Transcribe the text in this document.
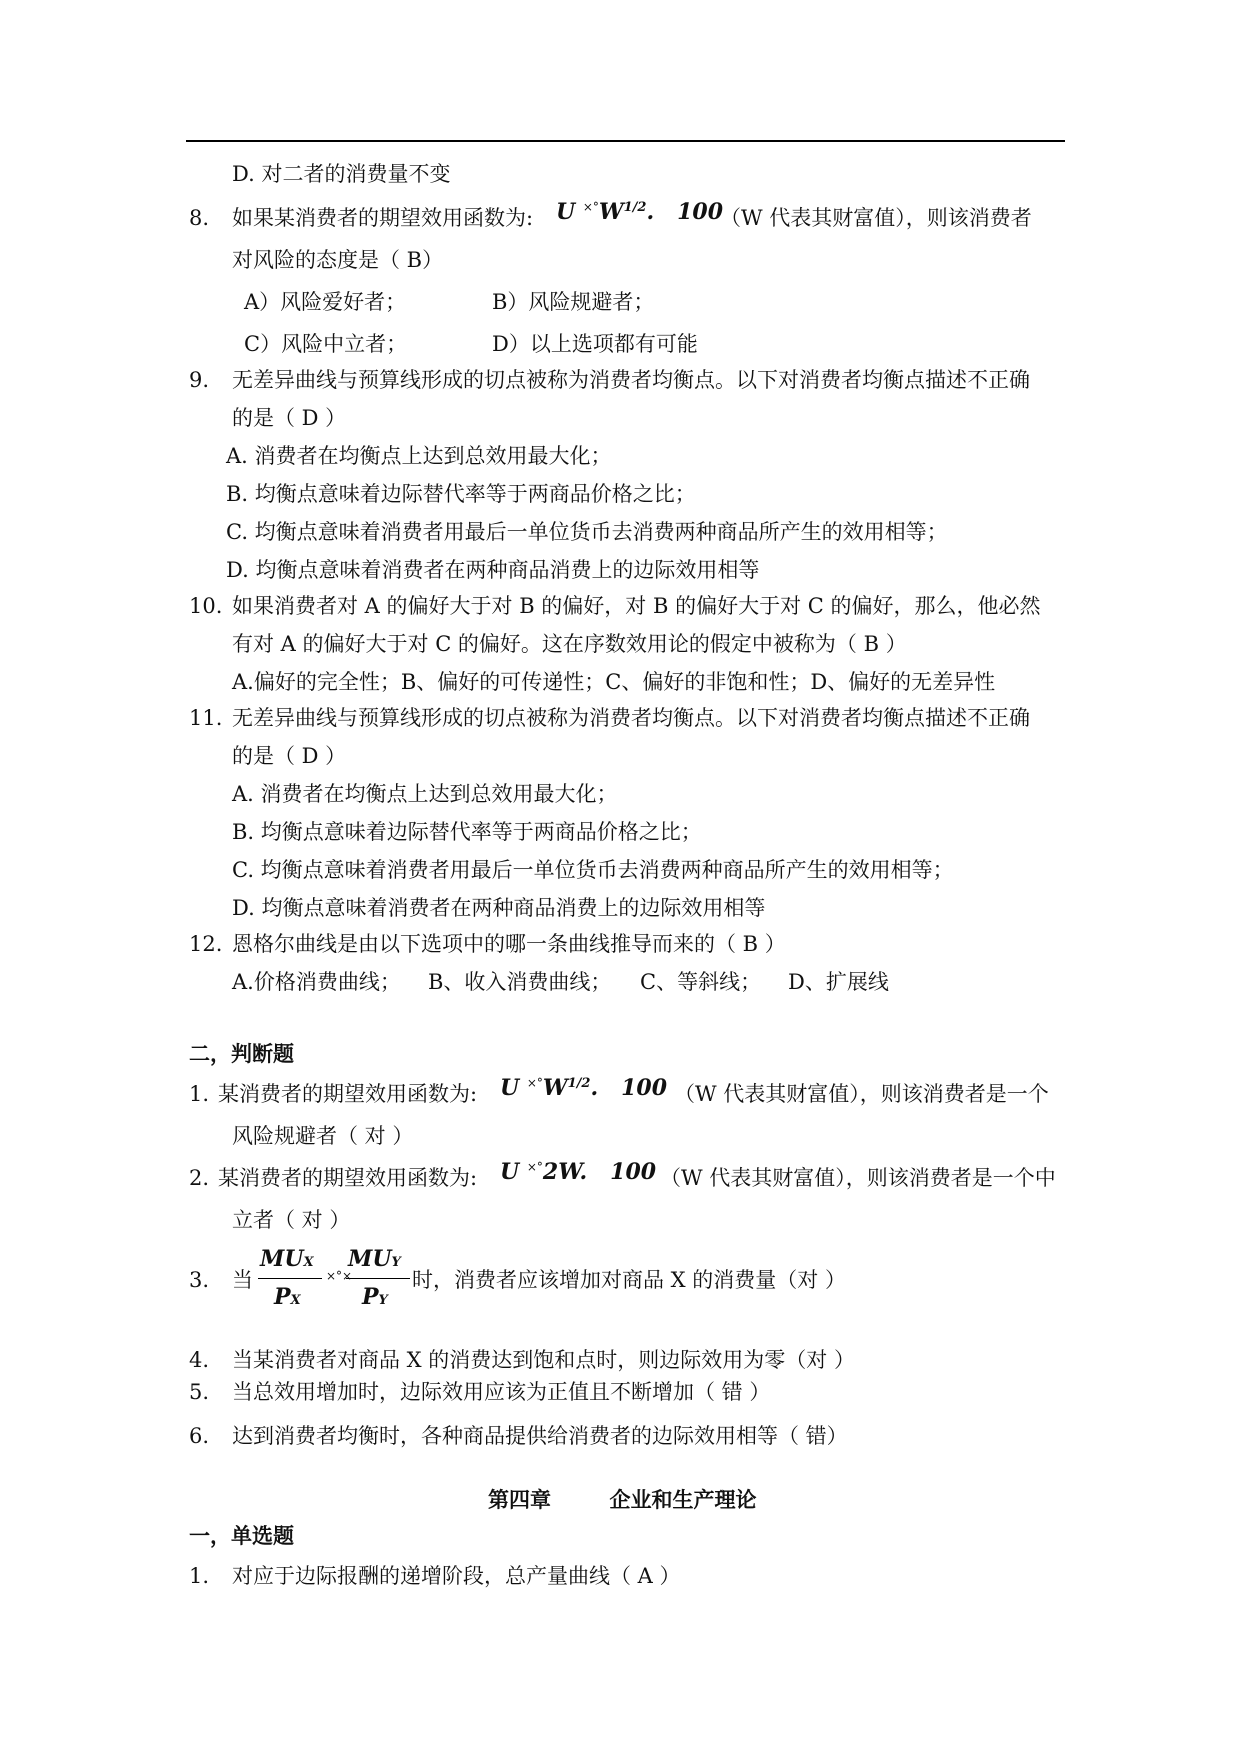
D. 对二者的消费量不变
8. 如果某消费者的期望效用函数为: U $^{\times^\circ}W^{1/2}$.   100
（W 代表其财富值），则该消费者
对风险的态度是（ B）
A）风险爱好者；	B）风险规避者；
C）风险中立者；	D）以上选项都有可能
9. 无差异曲线与预算线形成的切点被称为消费者均衡点。以下对消费者均衡点描述不正确
的是（ D ）
A. 消费者在均衡点上达到总效用最大化；
B. 均衡点意味着边际替代率等于两商品价格之比；
C. 均衡点意味着消费者用最后一单位货币去消费两种商品所产生的效用相等；
D. 均衡点意味着消费者在两种商品消费上的边际效用相等
10. 如果消费者对 A 的偏好大于对 B 的偏好，对 B 的偏好大于对 C 的偏好，那么，他必然
有对 A 的偏好大于对 C 的偏好。这在序数效用论的假定中被称为（ B ）
A.偏好的完全性；B、偏好的可传递性；C、偏好的非饱和性；D、偏好的无差异性
11. 无差异曲线与预算线形成的切点被称为消费者均衡点。以下对消费者均衡点描述不正确
的是（ D ）
A. 消费者在均衡点上达到总效用最大化；
B. 均衡点意味着边际替代率等于两商品价格之比；
C. 均衡点意味着消费者用最后一单位货币去消费两种商品所产生的效用相等；
D. 均衡点意味着消费者在两种商品消费上的边际效用相等
12. 恩格尔曲线是由以下选项中的哪一条曲线推导而来的（ B ）
A.价格消费曲线； B、收入消费曲线； C、等斜线； D、扩展线
二，判断题
1. 某消费者的期望效用函数为: U $^{\times^\circ}W^{1/2}$.   100 （W 代表其财富值），则该消费者是一个
风险规避者（ 对 ）
2. 某消费者的期望效用函数为: U ×°2W.   100 （W 代表其财富值），则该消费者是一个中
立者（ 对 ）
3. 当
MUX
PX
×°×
MUY
PY
时，消费者应该增加对商品 X 的消费量（对 ）
4. 当某消费者对商品 X 的消费达到饱和点时，则边际效用为零（对 ）
5. 当总效用增加时，边际效用应该为正值且不断增加（ 错 ）
6. 达到消费者均衡时，各种商品提供给消费者的边际效用相等（ 错）
第四章        企业和生产理论
一，单选题
1. 对应于边际报酬的递增阶段，总产量曲线（ A ）
